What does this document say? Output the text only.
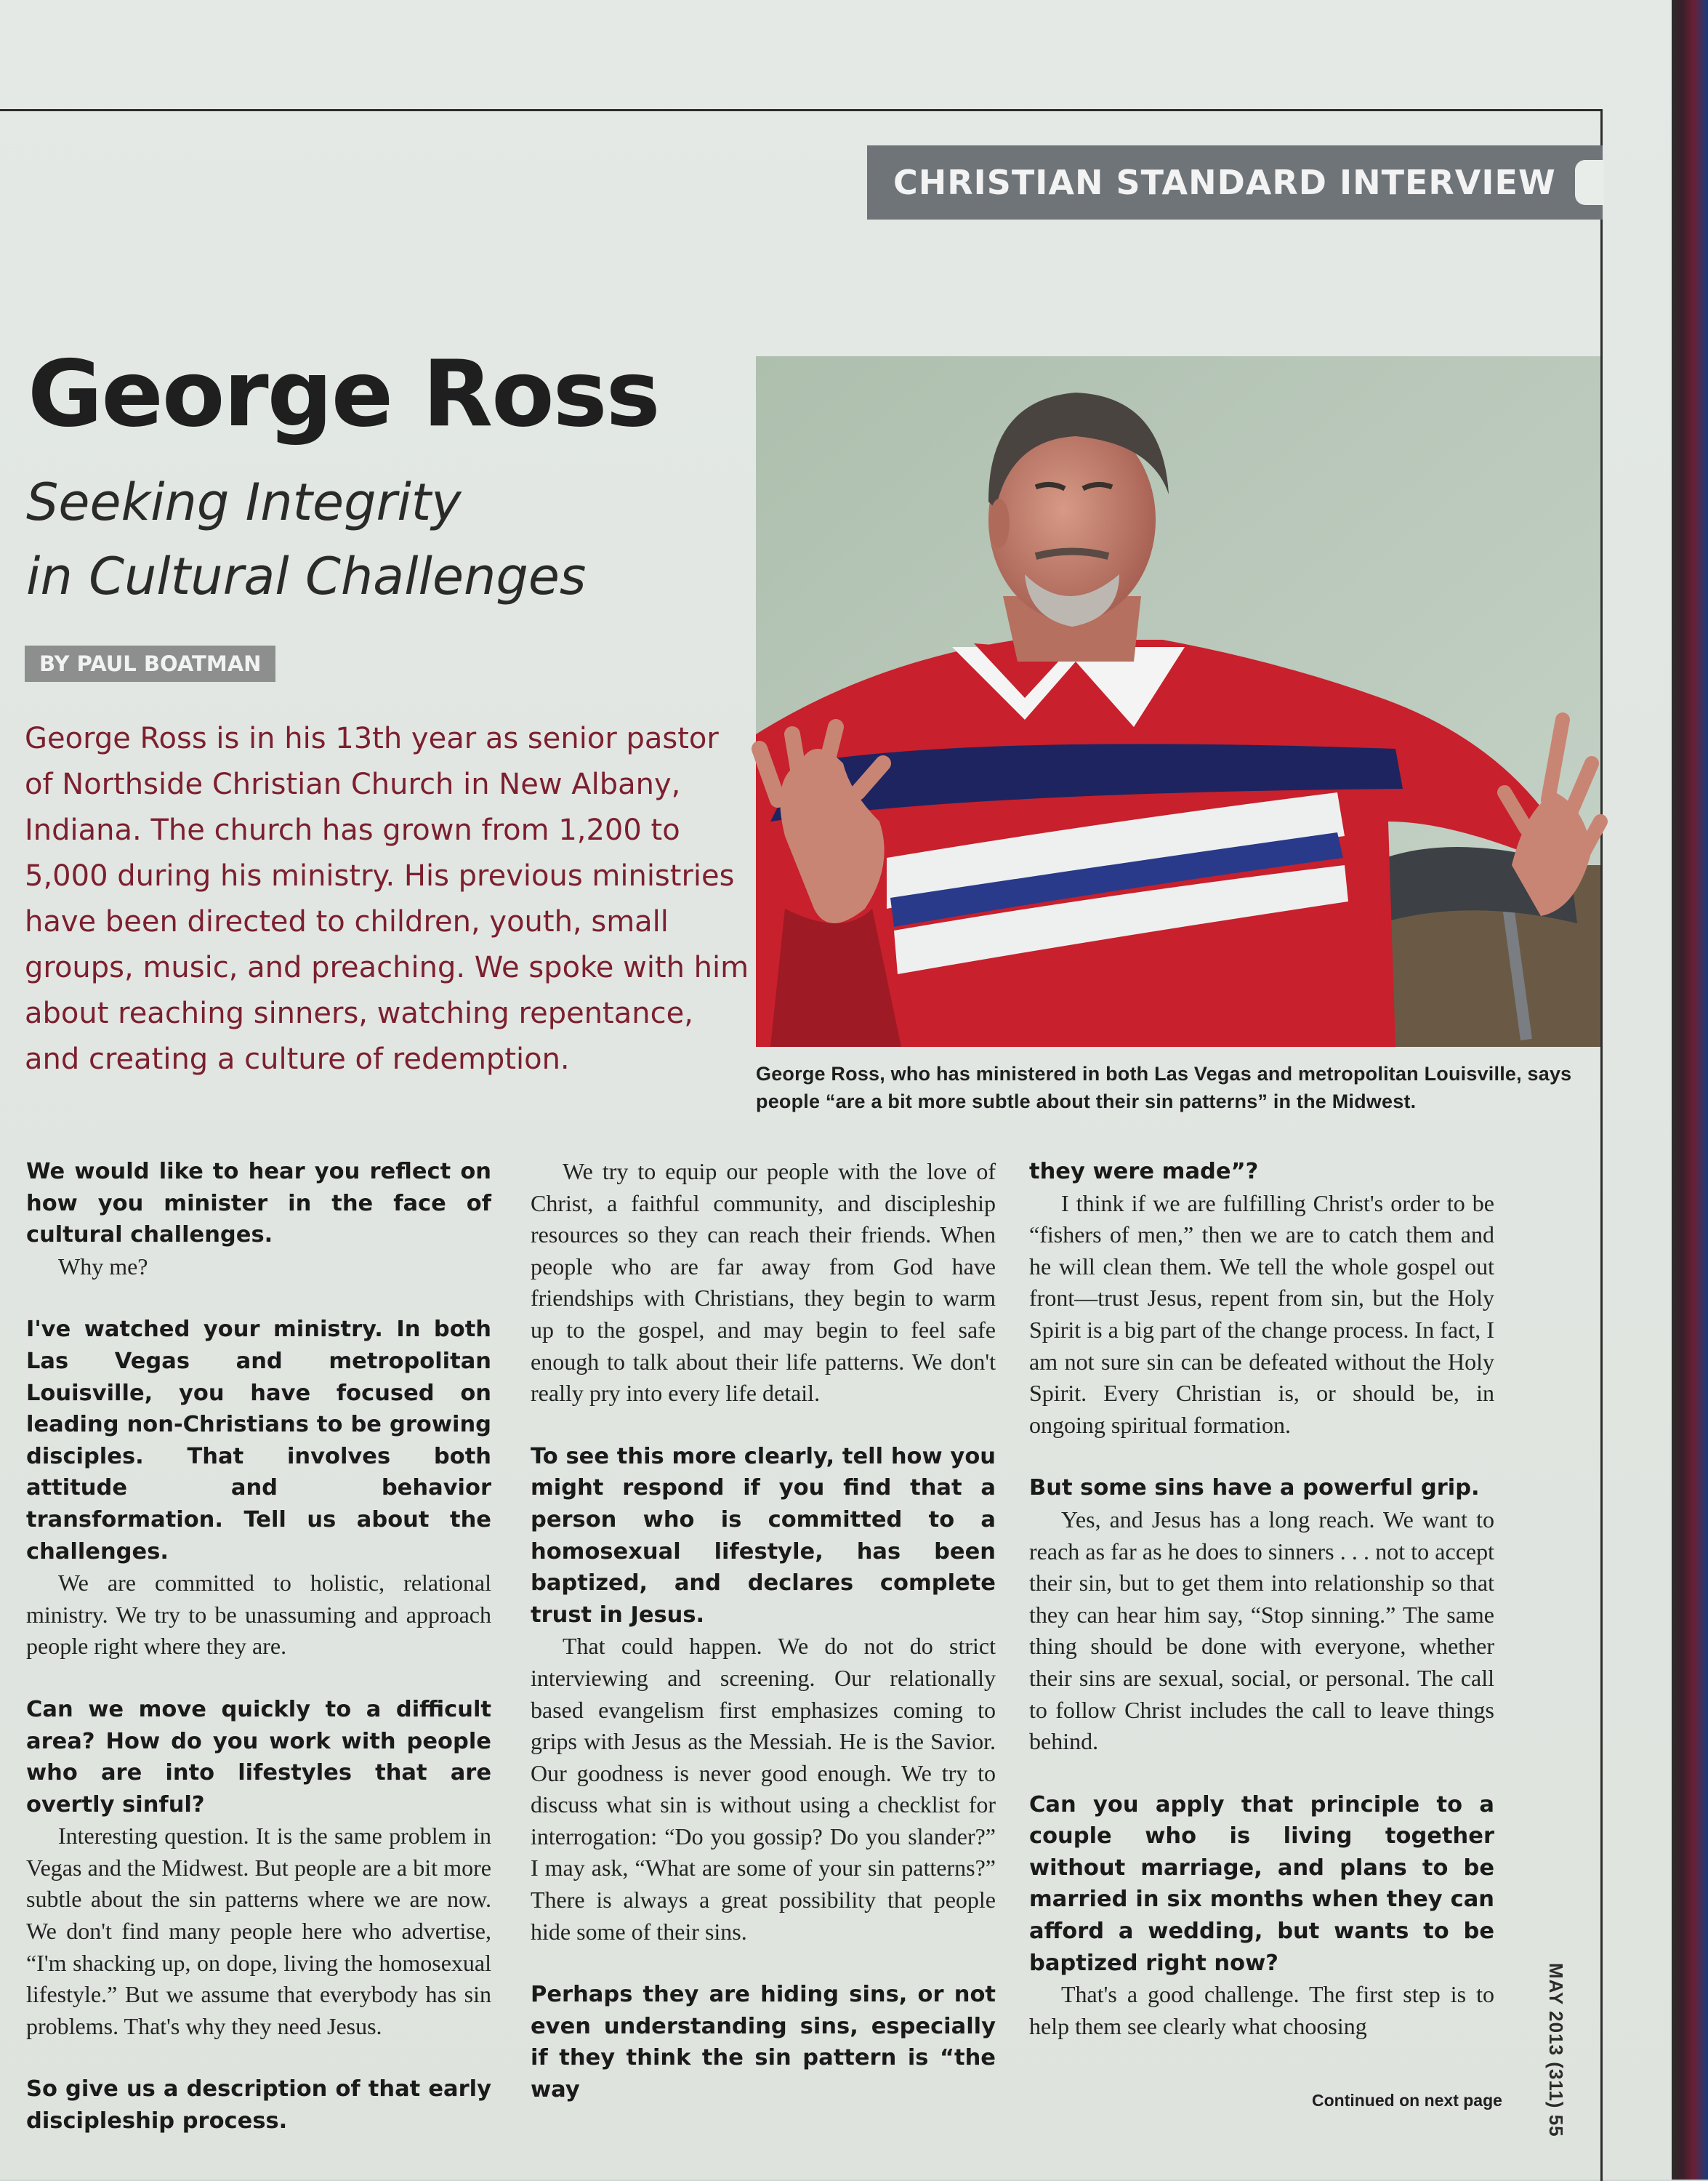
CHRISTIAN STANDARD INTERVIEW
George Ross
Seeking Integrity
in Cultural Challenges
BY PAUL BOATMAN

George Ross is in his 13th year as senior pastor of Northside Christian Church in New Albany, Indiana. The church has grown from 1,200 to 5,000 during his ministry. His previous ministries have been directed to children, youth, small groups, music, and preaching. We spoke with him about reaching sinners, watching repentance, and creating a culture of redemption.	George Ross, who has ministered in both Las Vegas and metropolitan Louisville, says people “are a bit more subtle about their sin patterns” in the Midwest.

We would like to hear you reflect on how you minister in the face of cultural challenges.

Why me?

I've watched your ministry. In both Las Vegas and metropolitan Louisville, you have focused on leading non-Christians to be growing disciples. That involves both attitude and behavior transformation. Tell us about the challenges.

We are committed to holistic, relational ministry. We try to be unassuming and approach people right where they are.

Can we move quickly to a difficult area? How do you work with people who are into lifestyles that are overtly sinful?

Interesting question. It is the same problem in Vegas and the Midwest. But people are a bit more subtle about the sin patterns where we are now. We don't find many people here who advertise, “I'm shacking up, on dope, living the homosexual lifestyle.” But we assume that everybody has sin problems. That's why they need Jesus.

So give us a description of that early discipleship process.

We try to equip our people with the love of Christ, a faithful community, and discipleship resources so they can reach their friends. When people who are far away from God have friendships with Christians, they begin to warm up to the gospel, and may begin to feel safe enough to talk about their life patterns. We don't really pry into every life detail.

To see this more clearly, tell how you might respond if you find that a person who is committed to a homosexual lifestyle, has been baptized, and declares complete trust in Jesus.

That could happen. We do not do strict interviewing and screening. Our relationally based evangelism first emphasizes coming to grips with Jesus as the Messiah. He is the Savior. Our goodness is never good enough. We try to discuss what sin is without using a checklist for interrogation: “Do you gossip? Do you slander?” I may ask, “What are some of your sin patterns?” There is always a great possibility that people hide some of their sins.

Perhaps they are hiding sins, or not even understanding sins, especially if they think the sin pattern is “the way

they were made”?

I think if we are fulfilling Christ's order to be “fishers of men,” then we are to catch them and he will clean them. We tell the whole gospel out front—trust Jesus, repent from sin, but the Holy Spirit is a big part of the change process. In fact, I am not sure sin can be defeated without the Holy Spirit. Every Christian is, or should be, in ongoing spiritual formation.

But some sins have a powerful grip.

Yes, and Jesus has a long reach. We want to reach as far as he does to sinners . . . not to accept their sin, but to get them into relationship so that they can hear him say, “Stop sinning.” The same thing should be done with everyone, whether their sins are sexual, social, or personal. The call to follow Christ includes the call to leave things behind.

Can you apply that principle to a couple who is living together without marriage, and plans to be married in six months when they can afford a wedding, but wants to be baptized right now?

That's a good challenge. The first step is to help them see clearly what choosing

Continued on next page MAY 2013 (311) 55
